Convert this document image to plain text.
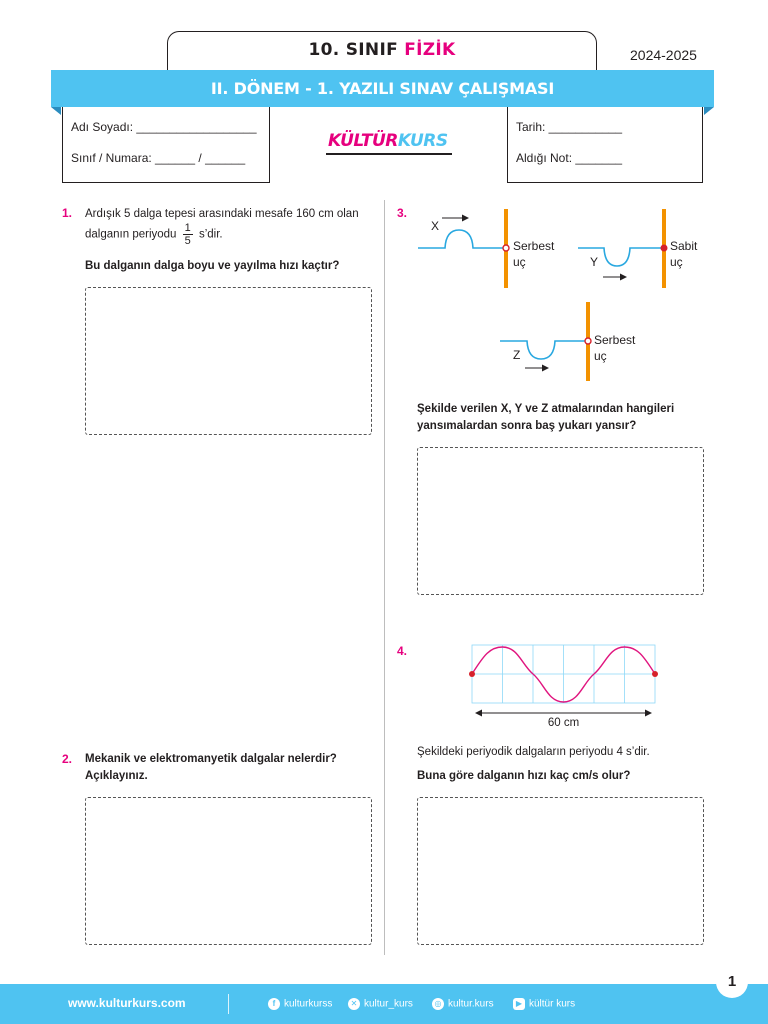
10. SINIF FİZİK	2024-2025
II. DÖNEM - 1. YAZILI SINAV ÇALIŞMASI
Adı Soyadı: __________________
Sınıf / Numara: ______ / ______
Tarih: ___________
Aldığı Not: _______
KÜLTÜRKURS
1. Ardışık 5 dalga tepesi arasındaki mesafe 160 cm olan
dalganın periyodu $\frac{1}{5}$ s’dir.
Bu dalganın dalga boyu ve yayılma hızı kaçtır?
2. Mekanik ve elektromanyetik dalgalar nelerdir?
Açıklayınız.
3.
X
Serbest
uç	Y
Sabit
uç
Z
Serbest
uç
Şekilde verilen X, Y ve Z atmalarından hangileri
yansımalardan sonra baş yukarı yansır?
4.
60 cm
Şekildeki periyodik dalgaların periyodu 4 s’dir.
Buna göre dalganın hızı kaç cm/s olur?
www.kulturkurs.com	f kulturkurss	✕ kultur_kurs	◎ kultur.kurs	▶ kültür kurs
1
